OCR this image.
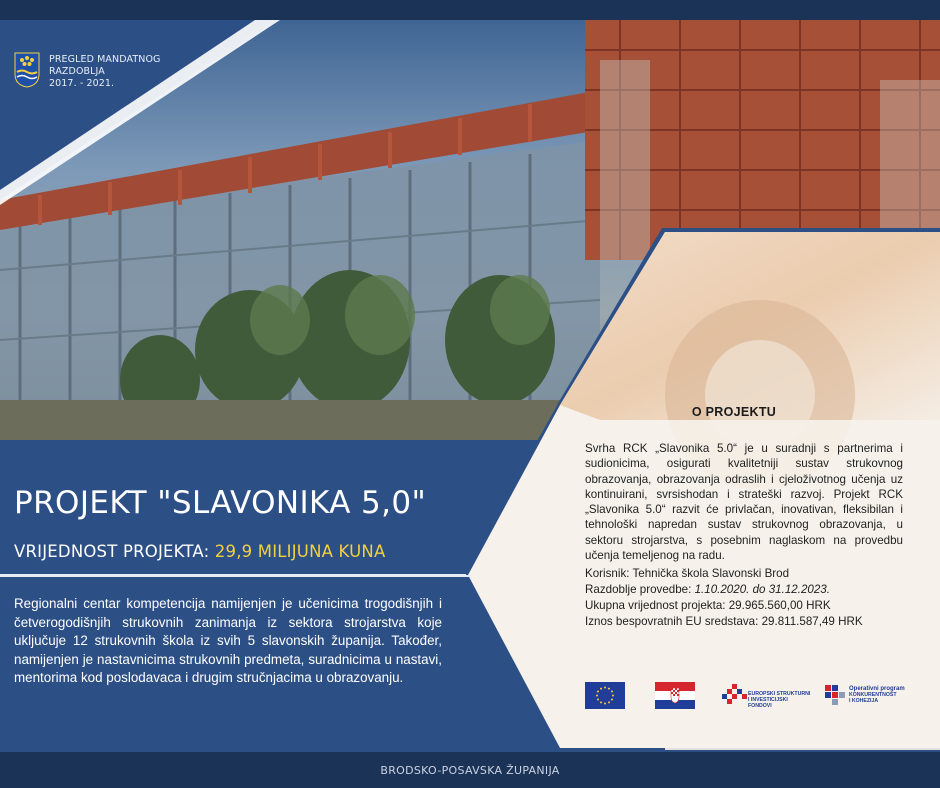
PREGLED MANDATNOG
RAZDOBLJA
2017. - 2021.
PROJEKT "SLAVONIKA 5,0"
VRIJEDNOST PROJEKTA: 29,9 MILIJUNA KUNA
Regionalni centar kompetencija namijenjen je učenicima trogodišnjih i četverogodišnjih strukovnih zanimanja iz sektora strojarstva koje uključuje 12 strukovnih škola iz svih 5 slavonskih županija. Također, namijenjen je nastavnicima strukovnih predmeta, suradnicima u nastavi, mentorima kod poslodavaca i drugim stručnjacima u obrazovanju.
O PROJEKTU
Svrha RCK „Slavonika 5.0“ je u suradnji s partnerima i sudionicima, osigurati kvalitetniji sustav strukovnog obrazovanja, obrazovanja odraslih i cjeloživotnog učenja uz kontinuirani, svrsishodan i strateški razvoj. Projekt RCK „Slavonika 5.0“ razvit će privlačan, inovativan, fleksibilan i tehnološki napredan sustav strukovnog obrazovanja, u sektoru strojarstva, s posebnim naglaskom na provedbu učenja temeljenog na radu.
Korisnik: Tehnička škola Slavonski Brod
Razdoblje provedbe: 1.10.2020. do 31.12.2023.
Ukupna vrijednost projekta: 29.965.560,00 HRK
Iznos bespovratnih EU sredstava: 29.811.587,49 HRK
EUROPSKI STRUKTURNI
I INVESTICIJSKI FONDOVI
Operativni program
KONKURENTNOST
I KOHEZIJA
BRODSKO-POSAVSKA ŽUPANIJA
